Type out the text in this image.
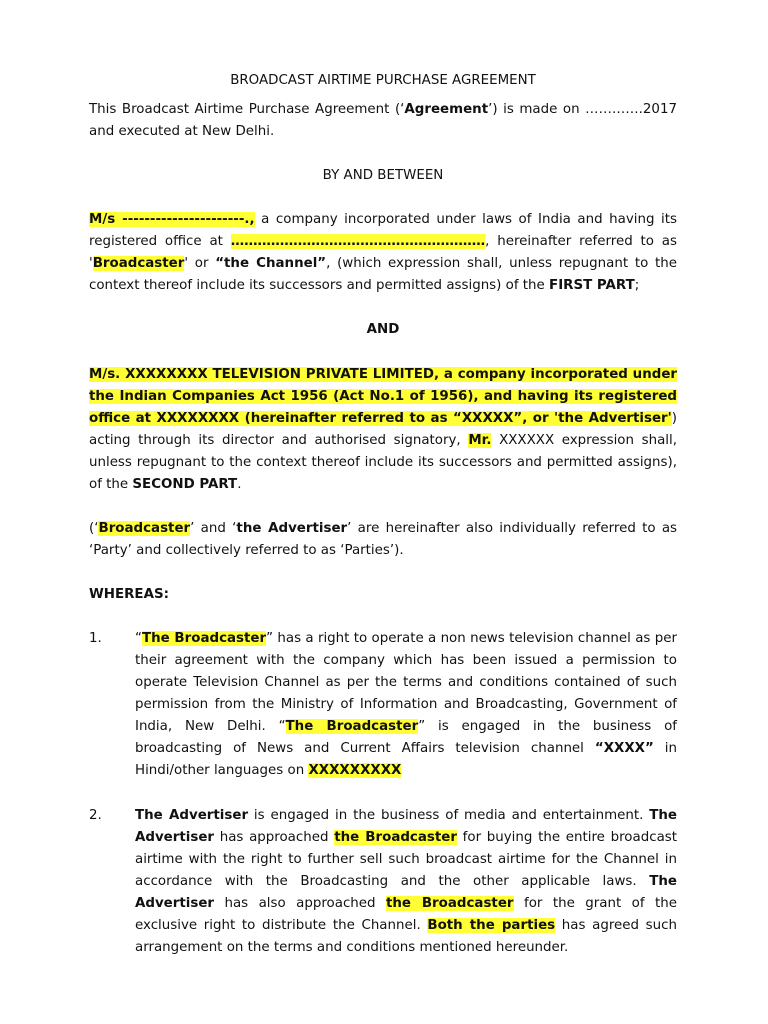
BROADCAST AIRTIME PURCHASE AGREEMENT

This Broadcast Airtime Purchase Agreement (‘Agreement’) is made on ………….2017 and executed at New Delhi.

BY AND BETWEEN

M/s ----------------------., a company incorporated under laws of India and having its registered office at …………………………………………………, hereinafter referred to as 'Broadcaster' or “the Channel”, (which expression shall, unless repugnant to the context thereof include its successors and permitted assigns) of the FIRST PART;

AND

M/s. XXXXXXXX TELEVISION PRIVATE LIMITED, a company incorporated under the Indian Companies Act 1956 (Act No.1 of 1956), and having its registered office at XXXXXXXX (hereinafter referred to as “XXXXX”, or 'the Advertiser') acting through its director and authorised signatory, Mr. XXXXXX expression shall, unless repugnant to the context thereof include its successors and permitted assigns), of the SECOND PART.

(‘Broadcaster’ and ‘the Advertiser’ are hereinafter also individually referred to as ‘Party’ and collectively referred to as ‘Parties’).

WHEREAS:

1. “The Broadcaster” has a right to operate a non news television channel as per their agreement with the company which has been issued a permission to operate Television Channel as per the terms and conditions contained of such permission from the Ministry of Information and Broadcasting, Government of India, New Delhi. “The Broadcaster” is engaged in the business of broadcasting of News and Current Affairs television channel “XXXX” in Hindi/other languages on XXXXXXXXX

2. The Advertiser is engaged in the business of media and entertainment. The Advertiser has approached the Broadcaster for buying the entire broadcast airtime with the right to further sell such broadcast airtime for the Channel in accordance with the Broadcasting and the other applicable laws. The Advertiser has also approached the Broadcaster for the grant of the exclusive right to distribute the Channel. Both the parties has agreed such arrangement on the terms and conditions mentioned hereunder.
